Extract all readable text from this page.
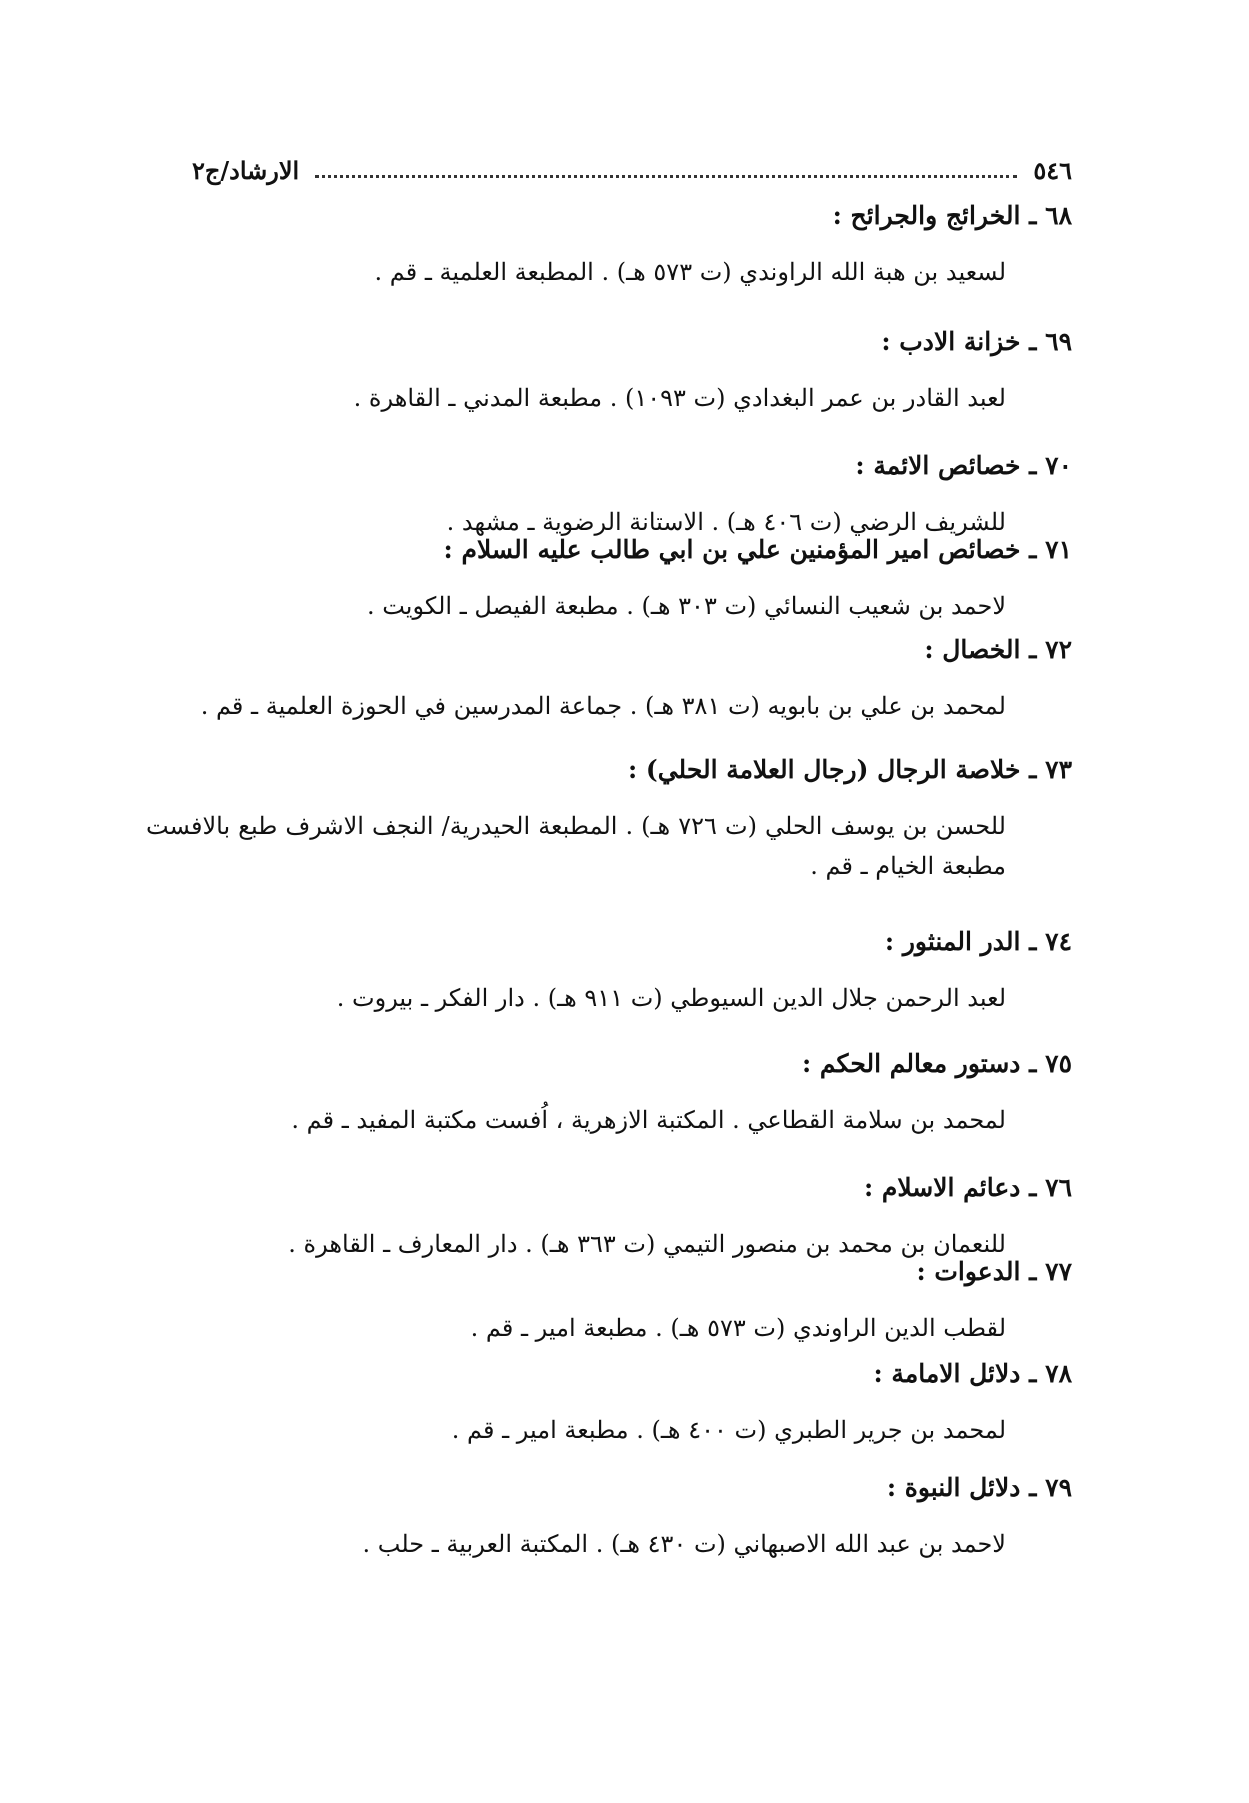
٥٤٦
الارشاد/ج٢
٦٨ ـ الخرائج والجرائح :
لسعيد بن هبة الله الراوندي (ت ٥٧٣ هـ) . المطبعة العلمية ـ قم .
٦٩ ـ خزانة الادب :
لعبد القادر بن عمر البغدادي (ت ١٠٩٣) . مطبعة المدني ـ القاهرة .
٧٠ ـ خصائص الائمة :
للشريف الرضي (ت ٤٠٦ هـ) . الاستانة الرضوية ـ مشهد .
٧١ ـ خصائص امير المؤمنين علي بن ابي طالب عليه السلام :
لاحمد بن شعيب النسائي (ت ٣٠٣ هـ) . مطبعة الفيصل ـ الكويت .
٧٢ ـ الخصال :
لمحمد بن علي بن بابويه (ت ٣٨١ هـ) . جماعة المدرسين في الحوزة العلمية ـ قم .
٧٣ ـ خلاصة الرجال (رجال العلامة الحلي) :
للحسن بن يوسف الحلي (ت ٧٢٦ هـ) . المطبعة الحيدرية/ النجف الاشرف طبع بالافست مطبعة الخيام ـ قم .
٧٤ ـ الدر المنثور :
لعبد الرحمن جلال الدين السيوطي (ت ٩١١ هـ) . دار الفكر ـ بيروت .
٧٥ ـ دستور معالم الحكم :
لمحمد بن سلامة القطاعي . المكتبة الازهرية ، اُفست مكتبة المفيد ـ قم .
٧٦ ـ دعائم الاسلام :
للنعمان بن محمد بن منصور التيمي (ت ٣٦٣ هـ) . دار المعارف ـ القاهرة .
٧٧ ـ الدعوات :
لقطب الدين الراوندي (ت ٥٧٣ هـ) . مطبعة امير ـ قم .
٧٨ ـ دلائل الامامة :
لمحمد بن جرير الطبري (ت ٤٠٠ هـ) . مطبعة امير ـ قم .
٧٩ ـ دلائل النبوة :
لاحمد بن عبد الله الاصبهاني (ت ٤٣٠ هـ) . المكتبة العربية ـ حلب .
